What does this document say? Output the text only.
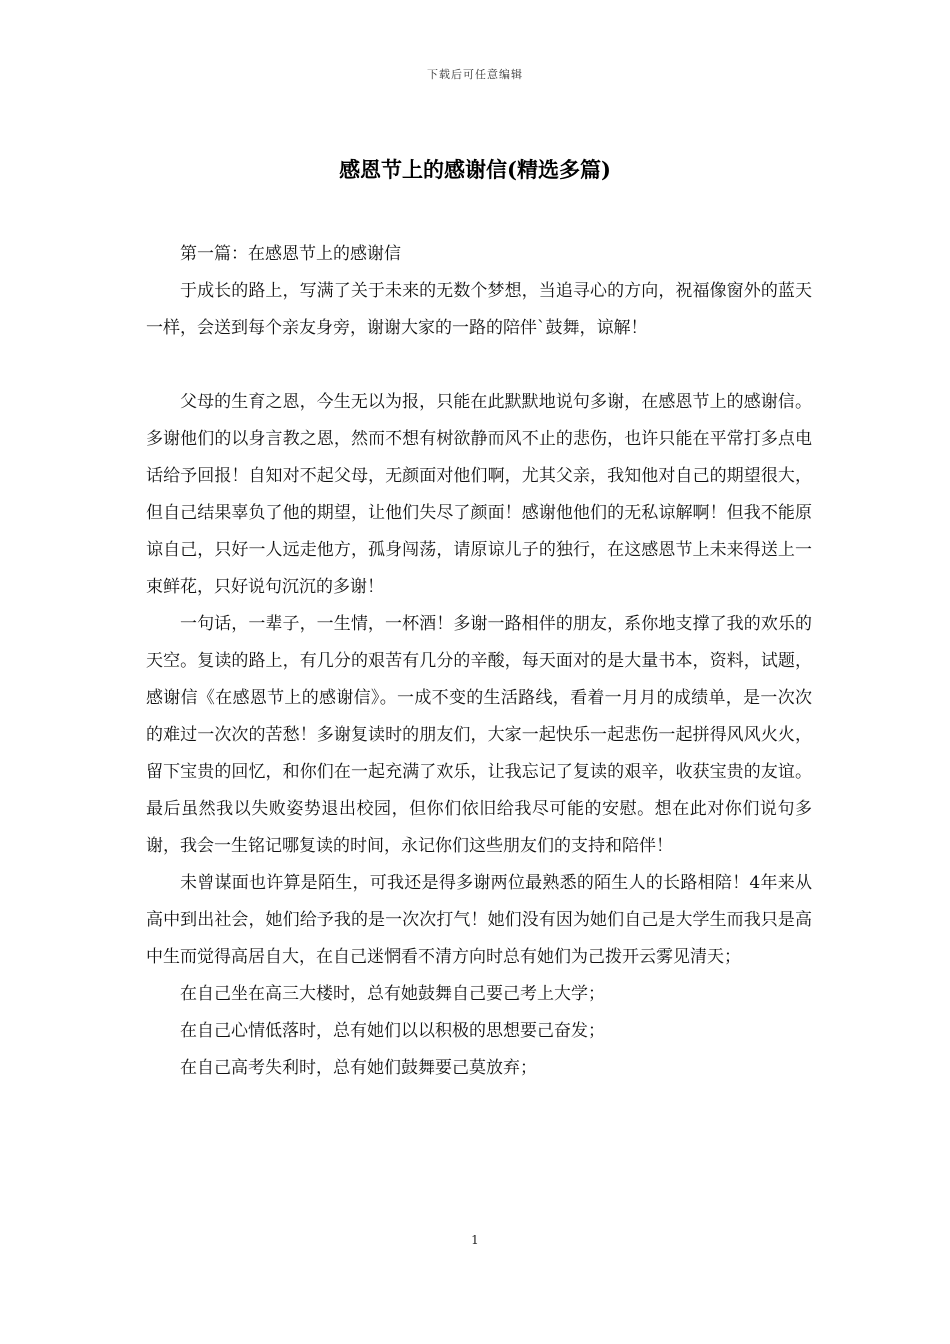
下载后可任意编辑
感恩节上的感谢信(精选多篇)

第一篇：在感恩节上的感谢信

于成长的路上，写满了关于未来的无数个梦想，当追寻心的方向，祝福像窗外的蓝天一样，会送到每个亲友身旁，谢谢大家的一路的陪伴`鼓舞，谅解！

父母的生育之恩，今生无以为报，只能在此默默地说句多谢，在感恩节上的感谢信。多谢他们的以身言教之恩，然而不想有树欲静而风不止的悲伤，也许只能在平常打多点电话给予回报！自知对不起父母，无颜面对他们啊，尤其父亲，我知他对自己的期望很大，但自己结果辜负了他的期望，让他们失尽了颜面！感谢他他们的无私谅解啊！但我不能原谅自己，只好一人远走他方，孤身闯荡，请原谅儿子的独行，在这感恩节上未来得送上一束鲜花，只好说句沉沉的多谢！

一句话，一辈子，一生情，一杯酒！多谢一路相伴的朋友，系你地支撑了我的欢乐的天空。复读的路上，有几分的艰苦有几分的辛酸，每天面对的是大量书本，资料，试题，感谢信《在感恩节上的感谢信》。一成不变的生活路线，看着一月月的成绩单，是一次次的难过一次次的苦愁！多谢复读时的朋友们，大家一起快乐一起悲伤一起拼得风风火火，留下宝贵的回忆，和你们在一起充满了欢乐，让我忘记了复读的艰辛，收获宝贵的友谊。最后虽然我以失败姿势退出校园，但你们依旧给我尽可能的安慰。想在此对你们说句多谢，我会一生铭记哪复读的时间，永记你们这些朋友们的支持和陪伴！

未曾谋面也许算是陌生，可我还是得多谢两位最熟悉的陌生人的长路相陪！4年来从高中到出社会，她们给予我的是一次次打气！她们没有因为她们自己是大学生而我只是高中生而觉得高居自大，在自己迷惘看不清方向时总有她们为己拨开云雾见清天；

在自己坐在高三大楼时，总有她鼓舞自己要己考上大学；

在自己心情低落时，总有她们以以积极的思想要己奋发；

在自己高考失利时，总有她们鼓舞要己莫放弃；

1
